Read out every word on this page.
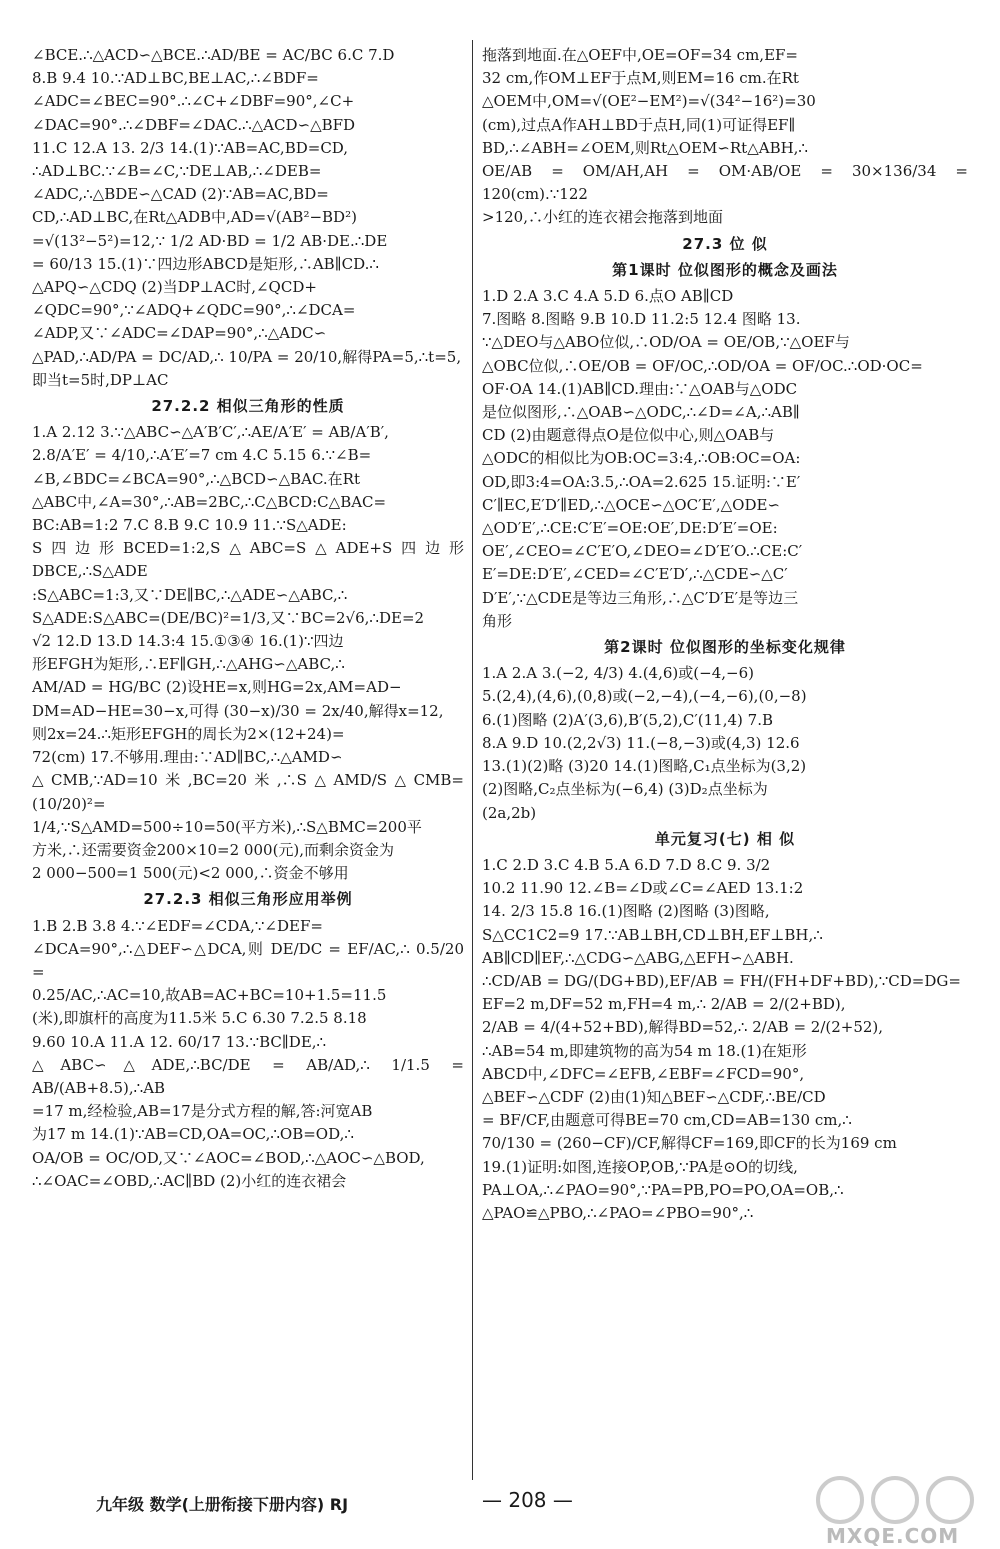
∠BCE.∴△ACD∽△BCE.∴AD/BE = AC/BC 6.C 7.D
8.B 9.4 10.∵AD⊥BC,BE⊥AC,∴∠BDF=
∠ADC=∠BEC=90°.∴∠C+∠DBF=90°,∠C+
∠DAC=90°.∴∠DBF=∠DAC.∴△ACD∽△BFD
11.C 12.A 13. 2/3 14.(1)∵AB=AC,BD=CD,
∴AD⊥BC.∵∠B=∠C,∵DE⊥AB,∴∠DEB=
∠ADC,∴△BDE∽△CAD (2)∵AB=AC,BD=
CD,∴AD⊥BC,在Rt△ADB中,AD=√(AB²−BD²)
=√(13²−5²)=12,∵ 1/2 AD·BD = 1/2 AB·DE.∴DE
= 60/13 15.(1)∵四边形ABCD是矩形,∴AB∥CD.∴
△APQ∽△CDQ (2)当DP⊥AC时,∠QCD+
∠QDC=90°,∵∠ADQ+∠QDC=90°,∴∠DCA=
∠ADP,又∵∠ADC=∠DAP=90°,∴△ADC∽
△PAD,∴AD/PA = DC/AD,∴ 10/PA = 20/10,解得PA=5,∴t=5,
即当t=5时,DP⊥AC
27.2.2 相似三角形的性质
1.A 2.12 3.∵△ABC∽△A′B′C′,∴AE/A′E′ = AB/A′B′,
2.8/A′E′ = 4/10,∴A′E′=7 cm 4.C 5.15 6.∵∠B=
∠B,∠BDC=∠BCA=90°,∴△BCD∽△BAC.在Rt
△ABC中,∠A=30°,∴AB=2BC,∴C△BCD:C△BAC=
BC:AB=1:2 7.C 8.B 9.C 10.9 11.∵S△ADE:
S四边形BCED=1:2,S△ABC=S△ADE+S四边形DBCE,∴S△ADE
:S△ABC=1:3,又∵DE∥BC,∴△ADE∽△ABC,∴
S△ADE:S△ABC=(DE/BC)²=1/3,又∵BC=2√6,∴DE=2
√2 12.D 13.D 14.3:4 15.①③④ 16.(1)∵四边
形EFGH为矩形,∴EF∥GH,∴△AHG∽△ABC,∴
AM/AD = HG/BC (2)设HE=x,则HG=2x,AM=AD−
DM=AD−HE=30−x,可得 (30−x)/30 = 2x/40,解得x=12,
则2x=24.∴矩形EFGH的周长为2×(12+24)=
72(cm) 17.不够用.理由:∵AD∥BC,∴△AMD∽
△CMB,∵AD=10米,BC=20米,∴S△AMD/S△CMB=(10/20)²=
1/4,∵S△AMD=500÷10=50(平方米),∴S△BMC=200平
方米,∴还需要资金200×10=2 000(元),而剩余资金为
2 000−500=1 500(元)<2 000,∴资金不够用
27.2.3 相似三角形应用举例
1.B 2.B 3.8 4.∵∠EDF=∠CDA,∵∠DEF=
∠DCA=90°,∴△DEF∽△DCA,则 DE/DC = EF/AC,∴ 0.5/20 =
0.25/AC,∴AC=10,故AB=AC+BC=10+1.5=11.5
(米),即旗杆的高度为11.5米 5.C 6.30 7.2.5 8.18
9.60 10.A 11.A 12. 60/17 13.∵BC∥DE,∴
△ABC∽△ADE,∴BC/DE = AB/AD,∴ 1/1.5 = AB/(AB+8.5),∴AB
=17 m,经检验,AB=17是分式方程的解,答:河宽AB
为17 m 14.(1)∵AB=CD,OA=OC,∴OB=OD,∴
OA/OB = OC/OD,又∵∠AOC=∠BOD,∴△AOC∽△BOD,
∴∠OAC=∠OBD,∴AC∥BD (2)小红的连衣裙会
拖落到地面.在△OEF中,OE=OF=34 cm,EF=
32 cm,作OM⊥EF于点M,则EM=16 cm.在Rt
△OEM中,OM=√(OE²−EM²)=√(34²−16²)=30
(cm),过点A作AH⊥BD于点H,同(1)可证得EF∥
BD,∴∠ABH=∠OEM,则Rt△OEM∽Rt△ABH,∴
OE/AB = OM/AH,AH = OM·AB/OE = 30×136/34 = 120(cm).∵122
>120,∴小红的连衣裙会拖落到地面
27.3 位 似
第1课时 位似图形的概念及画法
1.D 2.A 3.C 4.A 5.D 6.点O AB∥CD
7.图略 8.图略 9.B 10.D 11.2:5 12.4 图略 13.
∵△DEO与△ABO位似,∴OD/OA = OE/OB,∵△OEF与
△OBC位似,∴OE/OB = OF/OC,∴OD/OA = OF/OC.∴OD·OC=
OF·OA 14.(1)AB∥CD.理由:∵△OAB与△ODC
是位似图形,∴△OAB∽△ODC,∴∠D=∠A,∴AB∥
CD (2)由题意得点O是位似中心,则△OAB与
△ODC的相似比为OB:OC=3:4,∴OB:OC=OA:
OD,即3:4=OA:3.5,∴OA=2.625 15.证明:∵E′
C′∥EC,E′D′∥ED,∴△OCE∽△OC′E′,△ODE∽
△OD′E′,∴CE:C′E′=OE:OE′,DE:D′E′=OE:
OE′,∠CEO=∠C′E′O,∠DEO=∠D′E′O.∴CE:C′
E′=DE:D′E′,∠CED=∠C′E′D′,∴△CDE∽△C′
D′E′,∵△CDE是等边三角形,∴△C′D′E′是等边三
角形
第2课时 位似图形的坐标变化规律
1.A 2.A 3.(−2, 4/3) 4.(4,6)或(−4,−6)
5.(2,4),(4,6),(0,8)或(−2,−4),(−4,−6),(0,−8)
6.(1)图略 (2)A′(3,6),B′(5,2),C′(11,4) 7.B
8.A 9.D 10.(2,2√3) 11.(−8,−3)或(4,3) 12.6
13.(1)(2)略 (3)20 14.(1)图略,C₁点坐标为(3,2)
(2)图略,C₂点坐标为(−6,4) (3)D₂点坐标为
(2a,2b)
单元复习(七) 相 似
1.C 2.D 3.C 4.B 5.A 6.D 7.D 8.C 9. 3/2
10.2 11.90 12.∠B=∠D或∠C=∠AED 13.1:2
14. 2/3 15.8 16.(1)图略 (2)图略 (3)图略,
S△CC1C2=9 17.∵AB⊥BH,CD⊥BH,EF⊥BH,∴
AB∥CD∥EF,∴△CDG∽△ABG,△EFH∽△ABH.
∴CD/AB = DG/(DG+BD),EF/AB = FH/(FH+DF+BD),∵CD=DG=
EF=2 m,DF=52 m,FH=4 m,∴ 2/AB = 2/(2+BD),
2/AB = 4/(4+52+BD),解得BD=52,∴ 2/AB = 2/(2+52),
∴AB=54 m,即建筑物的高为54 m 18.(1)在矩形
ABCD中,∠DFC=∠EFB,∠EBF=∠FCD=90°,
△BEF∽△CDF (2)由(1)知△BEF∽△CDF,∴BE/CD
= BF/CF,由题意可得BE=70 cm,CD=AB=130 cm,∴
70/130 = (260−CF)/CF,解得CF=169,即CF的长为169 cm
19.(1)证明:如图,连接OP,OB,∵PA是⊙O的切线,
PA⊥OA,∴∠PAO=90°,∵PA=PB,PO=PO,OA=OB,∴
△PAO≌△PBO,∴∠PAO=∠PBO=90°,∴
九年级 数学(上册衔接下册内容) RJ	— 208 —
MXQE.COM
